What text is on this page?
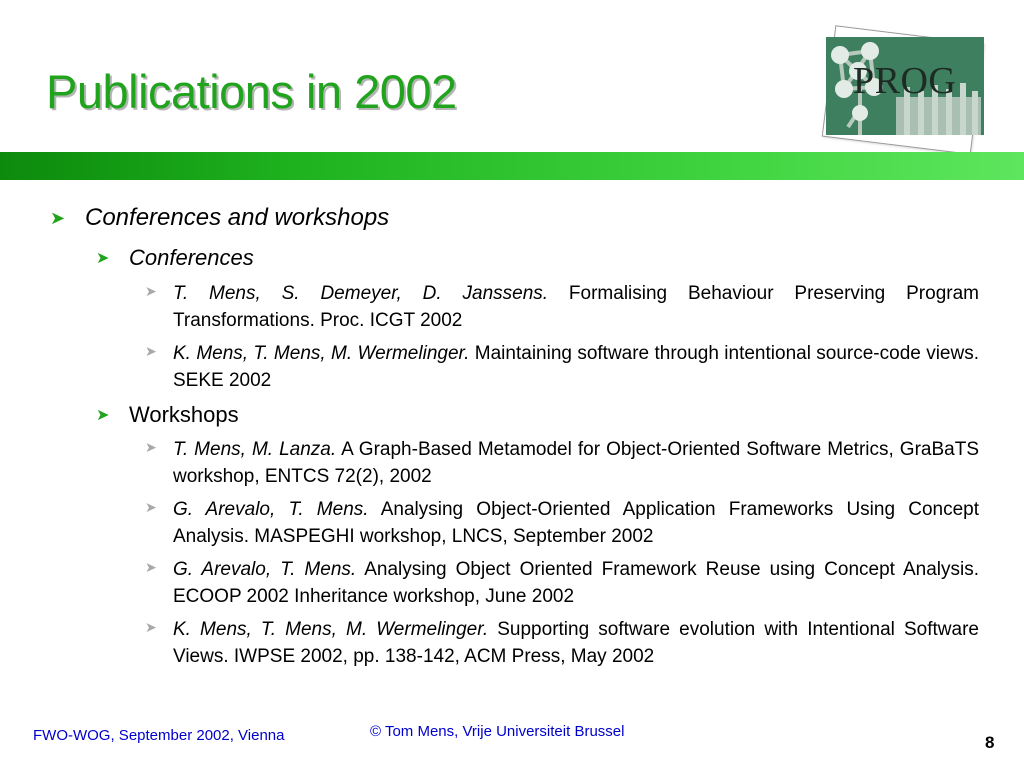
Publications in 2002	PROG
➤ Conferences and workshops
➤ Conferences
➤ T. Mens, S. Demeyer, D. Janssens. Formalising Behaviour Preserving Program Transformations. Proc. ICGT 2002
➤ K. Mens, T. Mens, M. Wermelinger. Maintaining software through intentional source-code views. SEKE 2002
➤ Workshops
➤ T. Mens, M. Lanza. A Graph-Based Metamodel for Object-Oriented Software Metrics, GraBaTS workshop, ENTCS 72(2), 2002
➤ G. Arevalo, T. Mens. Analysing Object-Oriented Application Frameworks Using Concept Analysis. MASPEGHI workshop, LNCS, September 2002
➤ G. Arevalo, T. Mens. Analysing Object Oriented Framework Reuse using Concept Analysis. ECOOP 2002 Inheritance workshop, June 2002
➤ K. Mens, T. Mens, M. Wermelinger. Supporting software evolution with Intentional Software Views. IWPSE 2002, pp. 138-142, ACM Press, May 2002
FWO-WOG, September 2002, Vienna	© Tom Mens, Vrije Universiteit Brussel
8
